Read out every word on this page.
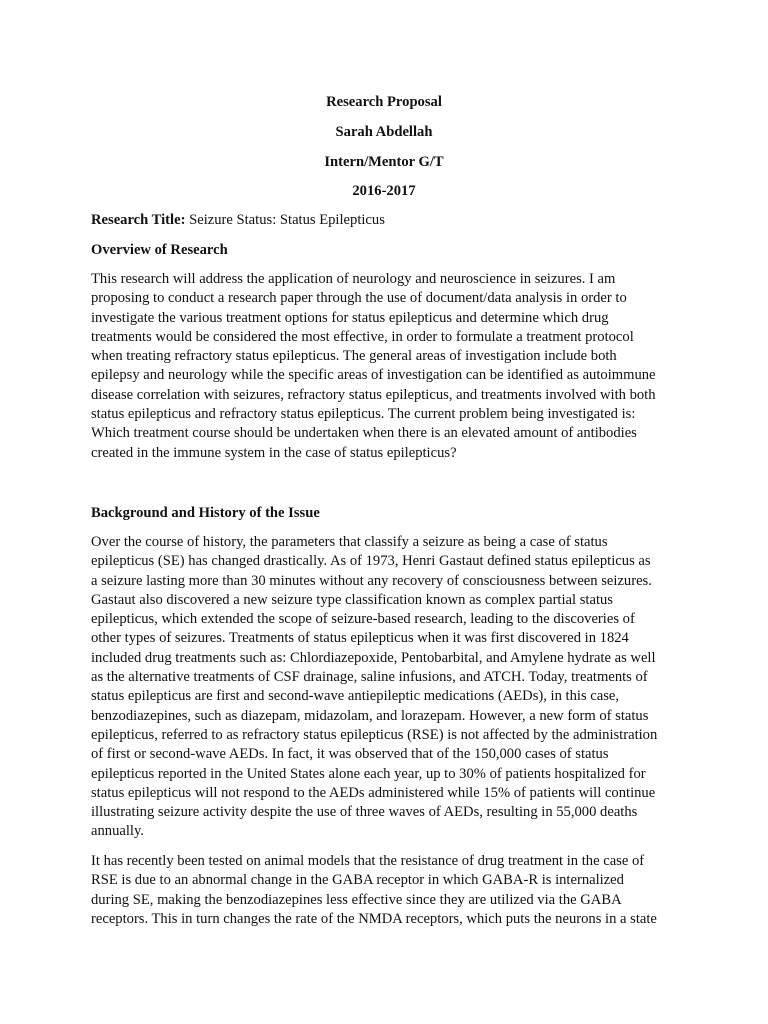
Research Proposal
Sarah Abdellah
Intern/Mentor G/T
2016-2017
Research Title: Seizure Status: Status Epilepticus
Overview of Research
This research will address the application of neurology and neuroscience in seizures. I am
proposing to conduct a research paper through the use of document/data analysis in order to
investigate the various treatment options for status epilepticus and determine which drug
treatments would be considered the most effective, in order to formulate a treatment protocol
when treating refractory status epilepticus. The general areas of investigation include both
epilepsy and neurology while the specific areas of investigation can be identified as autoimmune
disease correlation with seizures, refractory status epilepticus, and treatments involved with both
status epilepticus and refractory status epilepticus. The current problem being investigated is:
Which treatment course should be undertaken when there is an elevated amount of antibodies
created in the immune system in the case of status epilepticus?
Background and History of the Issue
Over the course of history, the parameters that classify a seizure as being a case of status
epilepticus (SE) has changed drastically. As of 1973, Henri Gastaut defined status epilepticus as
a seizure lasting more than 30 minutes without any recovery of consciousness between seizures.
Gastaut also discovered a new seizure type classification known as complex partial status
epilepticus, which extended the scope of seizure-based research, leading to the discoveries of
other types of seizures. Treatments of status epilepticus when it was first discovered in 1824
included drug treatments such as: Chlordiazepoxide, Pentobarbital, and Amylene hydrate as well
as the alternative treatments of CSF drainage, saline infusions, and ATCH. Today, treatments of
status epilepticus are first and second-wave antiepileptic medications (AEDs), in this case,
benzodiazepines, such as diazepam, midazolam, and lorazepam. However, a new form of status
epilepticus, referred to as refractory status epilepticus (RSE) is not affected by the administration
of first or second-wave AEDs. In fact, it was observed that of the 150,000 cases of status
epilepticus reported in the United States alone each year, up to 30% of patients hospitalized for
status epilepticus will not respond to the AEDs administered while 15% of patients will continue
illustrating seizure activity despite the use of three waves of AEDs, resulting in 55,000 deaths
annually.
It has recently been tested on animal models that the resistance of drug treatment in the case of
RSE is due to an abnormal change in the GABA receptor in which GABA-R is internalized
during SE, making the benzodiazepines less effective since they are utilized via the GABA
receptors. This in turn changes the rate of the NMDA receptors, which puts the neurons in a state
